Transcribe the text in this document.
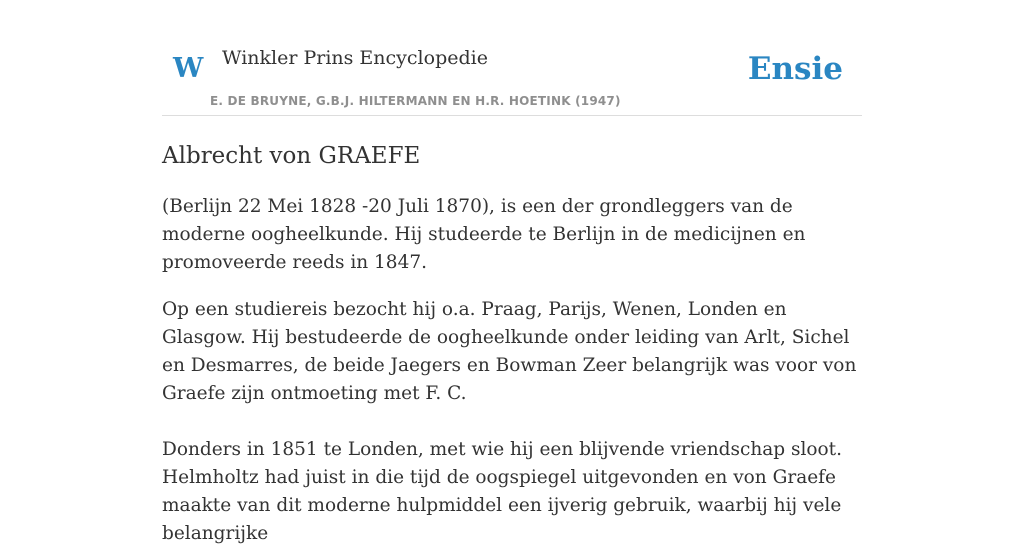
W Winkler Prins Encyclopedie
E. DE BRUYNE, G.B.J. HILTERMANN EN H.R. HOETINK (1947)
Ensie
Albrecht von GRAEFE

(Berlijn 22 Mei 1828 -20 Juli 1870), is een der grondleggers van de moderne oogheelkunde. Hij studeerde te Berlijn in de medicijnen en promoveerde reeds in 1847.

Op een studiereis bezocht hij o.a. Praag, Parijs, Wenen, Londen en Glasgow. Hij bestudeerde de oogheelkunde onder leiding van Arlt, Sichel en Desmarres, de beide Jaegers en Bowman Zeer belangrijk was voor von Graefe zijn ontmoeting met F. C.

Donders in 1851 te Londen, met wie hij een blijvende vriendschap sloot. Helmholtz had juist in die tijd de oogspiegel uitgevonden en von Graefe maakte van dit moderne hulpmiddel een ijverig gebruik, waarbij hij vele belangrijke
